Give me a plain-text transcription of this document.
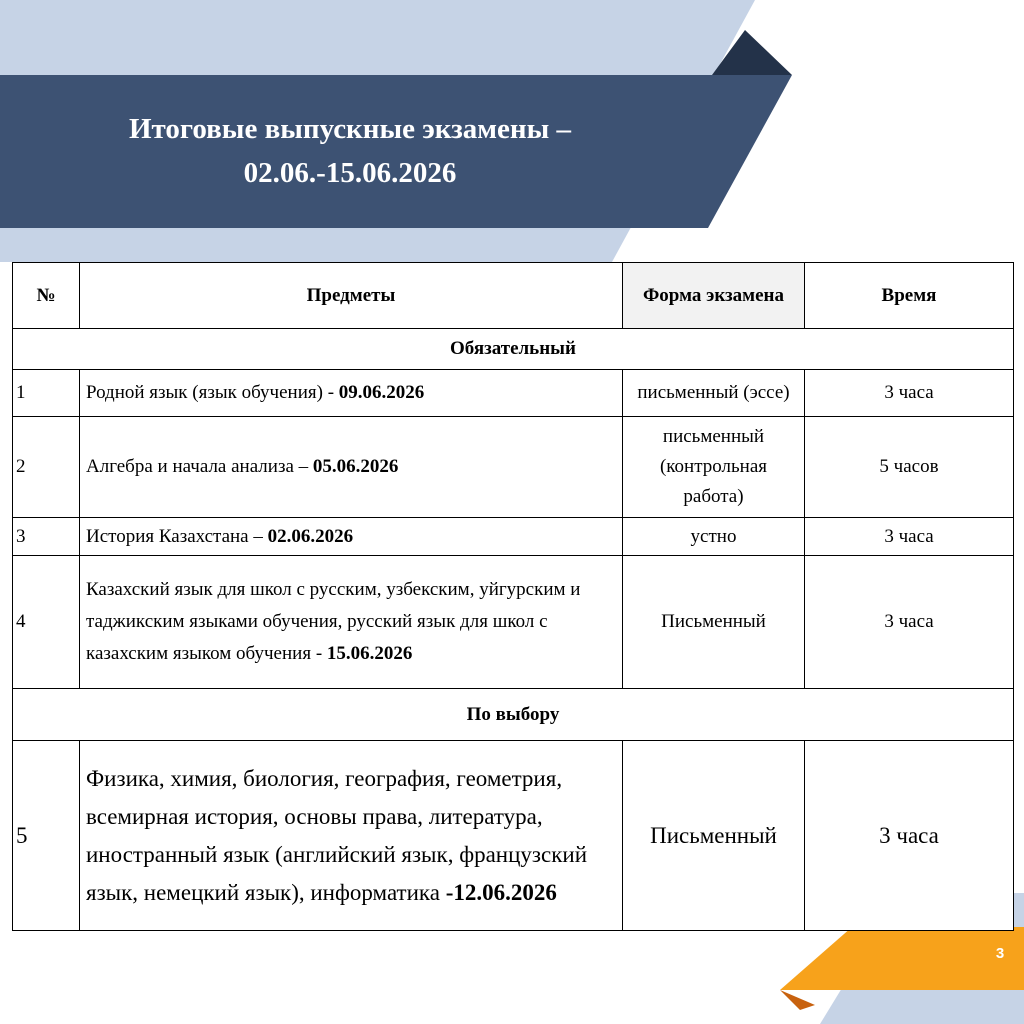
Итоговые выпускные экзамены –
02.06.-15.06.2026
№	Предметы	Форма экзамена	Время
Обязательный			
1	Родной язык (язык обучения) - 09.06.2026	письменный (эссе)	3 часа
2	Алгебра и начала анализа – 05.06.2026	письменный (контрольная работа)	5 часов
3	История Казахстана – 02.06.2026	устно	3 часа
4	Казахский язык для школ с русским, узбекским, уйгурским и таджикским языками обучения, русский язык для школ с казахским языком обучения - 15.06.2026	Письменный	3 часа
По выбору			
5	Физика, химия, биология, география, геометрия, всемирная история, основы права, литература, иностранный язык (английский язык, французский язык, немецкий язык), информатика -12.06.2026	Письменный	3 часа
3
